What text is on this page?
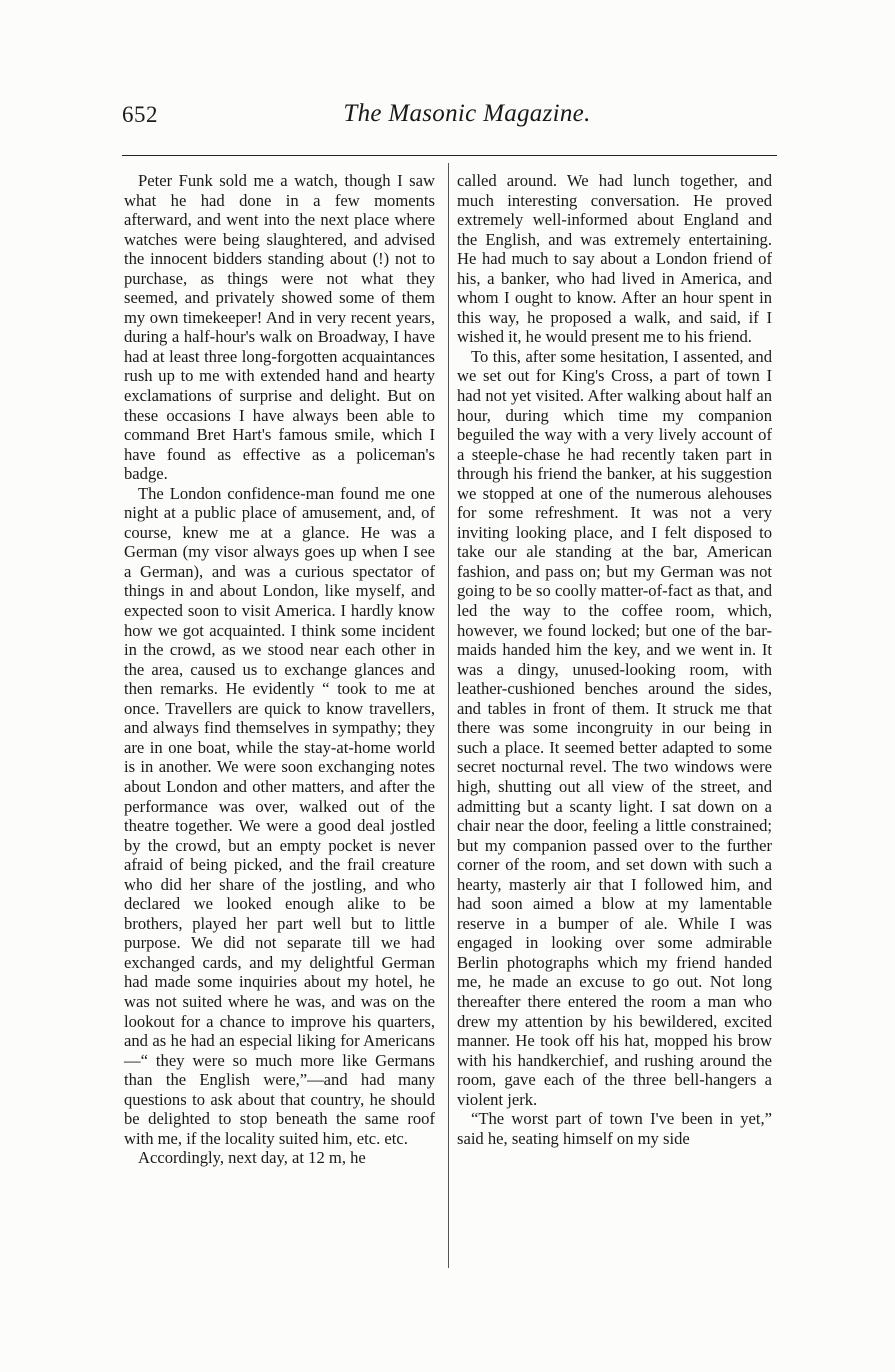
652	The Masonic Magazine.

Peter Funk sold me a watch, though I saw what he had done in a few moments afterward, and went into the next place where watches were being slaughtered, and advised the innocent bidders standing about (!) not to purchase, as things were not what they seemed, and privately showed some of them my own timekeeper! And in very recent years, during a half-hour's walk on Broadway, I have had at least three long-forgotten acquaintances rush up to me with extended hand and hearty exclamations of surprise and delight. But on these occasions I have always been able to command Bret Hart's famous smile, which I have found as effective as a policeman's badge.

The London confidence-man found me one night at a public place of amusement, and, of course, knew me at a glance. He was a German (my visor always goes up when I see a German), and was a curious spectator of things in and about London, like myself, and expected soon to visit America. I hardly know how we got acquainted. I think some incident in the crowd, as we stood near each other in the area, caused us to exchange glances and then remarks. He evidently “ took to me at once. Travellers are quick to know travellers, and always find themselves in sympathy; they are in one boat, while the stay-at-home world is in another. We were soon exchanging notes about London and other matters, and after the performance was over, walked out of the theatre together. We were a good deal jostled by the crowd, but an empty pocket is never afraid of being picked, and the frail creature who did her share of the jostling, and who declared we looked enough alike to be brothers, played her part well but to little purpose. We did not separate till we had exchanged cards, and my delightful German had made some inquiries about my hotel, he was not suited where he was, and was on the lookout for a chance to improve his quarters, and as he had an especial liking for Americans—“ they were so much more like Germans than the English were,”—and had many questions to ask about that country, he should be delighted to stop beneath the same roof with me, if the locality suited him, etc. etc.

Accordingly, next day, at 12 m, he

called around. We had lunch together, and much interesting conversation. He proved extremely well-informed about England and the English, and was extremely entertaining. He had much to say about a London friend of his, a banker, who had lived in America, and whom I ought to know. After an hour spent in this way, he proposed a walk, and said, if I wished it, he would present me to his friend.

To this, after some hesitation, I assented, and we set out for King's Cross, a part of town I had not yet visited. After walking about half an hour, during which time my companion beguiled the way with a very lively account of a steeple-chase he had recently taken part in through his friend the banker, at his suggestion we stopped at one of the numerous alehouses for some refreshment. It was not a very inviting looking place, and I felt disposed to take our ale standing at the bar, American fashion, and pass on; but my German was not going to be so coolly matter-of-fact as that, and led the way to the coffee room, which, however, we found locked; but one of the bar-maids handed him the key, and we went in. It was a dingy, unused-looking room, with leather-cushioned benches around the sides, and tables in front of them. It struck me that there was some incongruity in our being in such a place. It seemed better adapted to some secret nocturnal revel. The two windows were high, shutting out all view of the street, and admitting but a scanty light. I sat down on a chair near the door, feeling a little constrained; but my companion passed over to the further corner of the room, and set down with such a hearty, masterly air that I followed him, and had soon aimed a blow at my lamentable reserve in a bumper of ale. While I was engaged in looking over some admirable Berlin photographs which my friend handed me, he made an excuse to go out. Not long thereafter there entered the room a man who drew my attention by his bewildered, excited manner. He took off his hat, mopped his brow with his handkerchief, and rushing around the room, gave each of the three bell-hangers a violent jerk.

“The worst part of town I've been in yet,” said he, seating himself on my side
